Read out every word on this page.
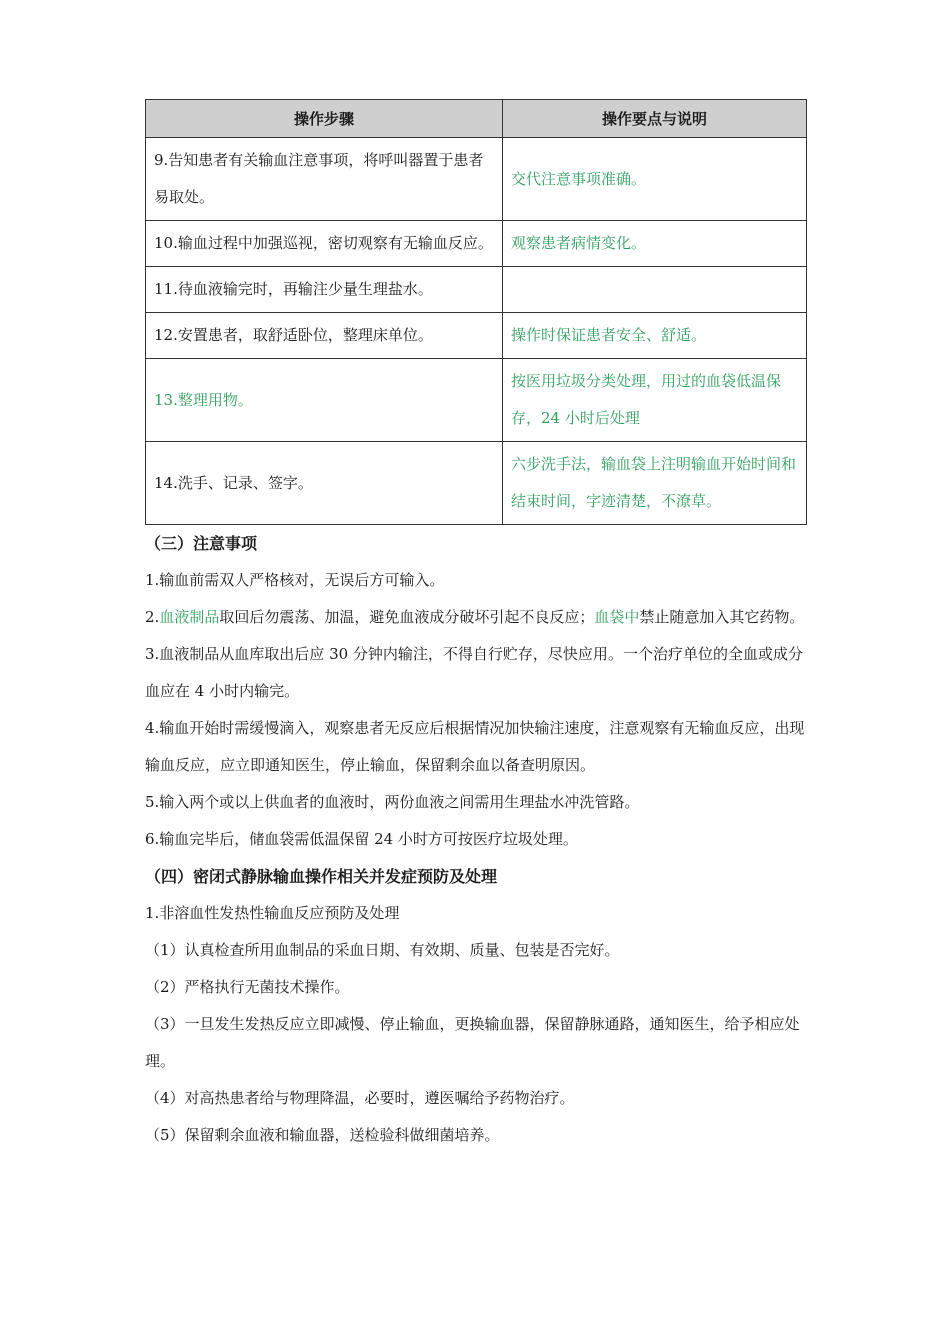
操作步骤	操作要点与说明
9.告知患者有关输血注意事项，将呼叫器置于患者易取处。	交代注意事项准确。
10.输血过程中加强巡视，密切观察有无输血反应。	观察患者病情变化。
11.待血液输完时，再输注少量生理盐水。	
12.安置患者，取舒适卧位，整理床单位。	操作时保证患者安全、舒适。
13.整理用物。	按医用垃圾分类处理，用过的血袋低温保存，24 小时后处理
14.洗手、记录、签字。	六步洗手法，输血袋上注明输血开始时间和结束时间，字迹清楚，不潦草。
（三）注意事项

1.输血前需双人严格核对，无误后方可输入。

2.血液制品取回后勿震荡、加温，避免血液成分破坏引起不良反应；血袋中禁止随意加入其它药物。

3.血液制品从血库取出后应 30 分钟内输注，不得自行贮存，尽快应用。一个治疗单位的全血或成分血应在 4 小时内输完。

4.输血开始时需缓慢滴入，观察患者无反应后根据情况加快输注速度，注意观察有无输血反应，出现输血反应，应立即通知医生，停止输血，保留剩余血以备查明原因。

5.输入两个或以上供血者的血液时，两份血液之间需用生理盐水冲洗管路。

6.输血完毕后，储血袋需低温保留 24 小时方可按医疗垃圾处理。

（四）密闭式静脉输血操作相关并发症预防及处理

1.非溶血性发热性输血反应预防及处理

（1）认真检查所用血制品的采血日期、有效期、质量、包装是否完好。

（2）严格执行无菌技术操作。

（3）一旦发生发热反应立即减慢、停止输血，更换输血器，保留静脉通路，通知医生，给予相应处理。

（4）对高热患者给与物理降温，必要时，遵医嘱给予药物治疗。

（5）保留剩余血液和输血器，送检验科做细菌培养。
